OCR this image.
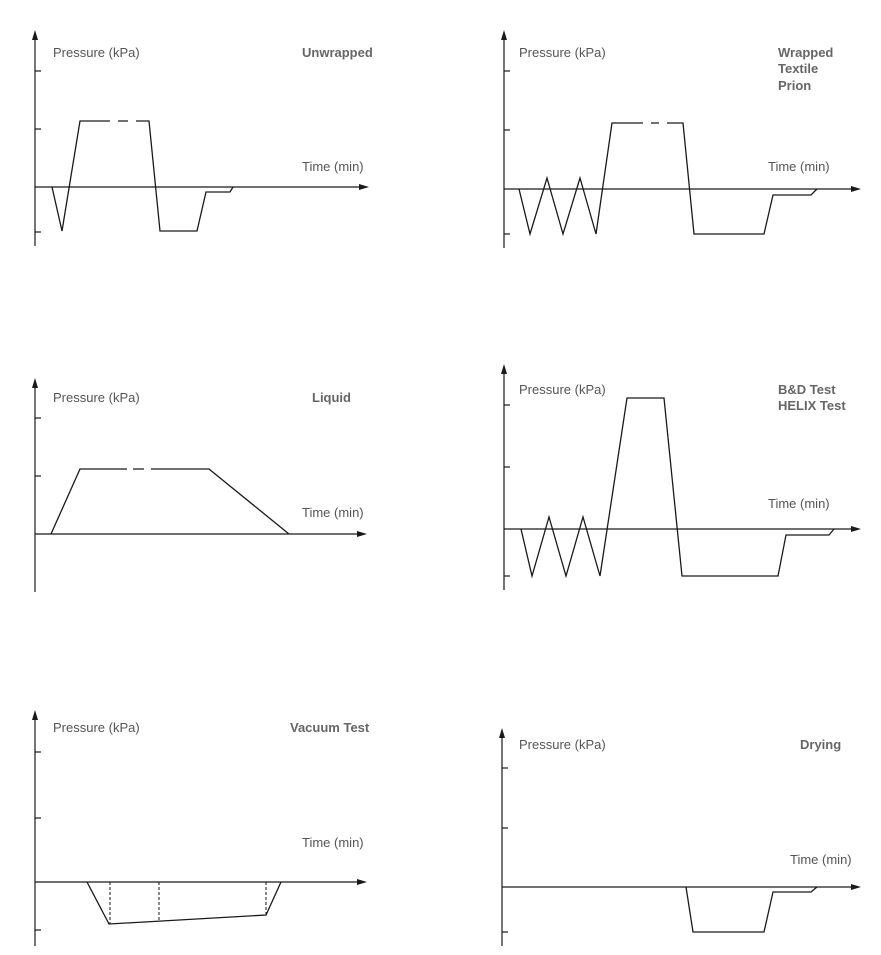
Pressure (kPa)
Time (min)
Unwrapped	Pressure (kPa)
Time (min)
Wrapped
Textile
Prion
Pressure (kPa)
Time (min)
Liquid
Pressure (kPa)
Time (min)
B&D Test
HELIX Test
Pressure (kPa)
Time (min)
Vacuum Test
Pressure (kPa)
Time (min)
Drying
